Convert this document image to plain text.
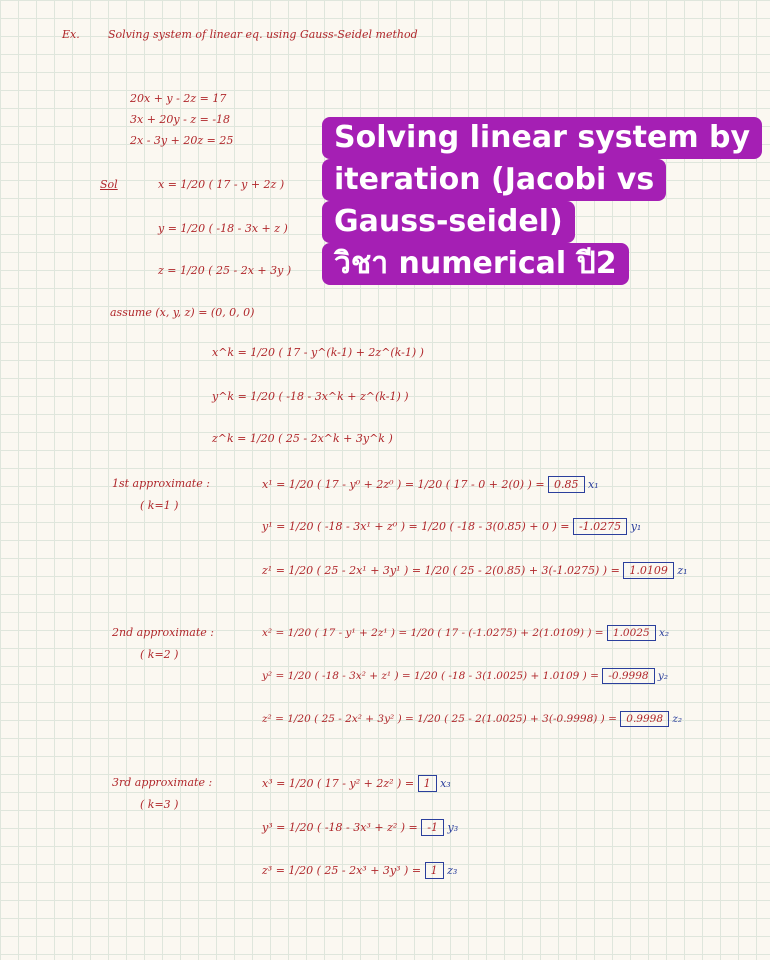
Ex.	Solving system of linear eq. using Gauss-Seidel method
20x + y - 2z = 17
3x + 20y - z = -18
2x - 3y + 20z = 25
Sol	x = 1/20 ( 17 - y + 2z )
y = 1/20 ( -18 - 3x + z )
z = 1/20 ( 25 - 2x + 3y )
assume (x, y, z) = (0, 0, 0)
x^k = 1/20 ( 17 - y^(k-1) + 2z^(k-1) )
y^k = 1/20 ( -18 - 3x^k + z^(k-1) )
z^k = 1/20 ( 25 - 2x^k + 3y^k )
1st approximate :
( k=1 )
x¹ = 1/20 ( 17 - y⁰ + 2z⁰ ) = 1/20 ( 17 - 0 + 2(0) ) = 0.85 x₁
y¹ = 1/20 ( -18 - 3x¹ + z⁰ ) = 1/20 ( -18 - 3(0.85) + 0 ) = -1.0275 y₁
z¹ = 1/20 ( 25 - 2x¹ + 3y¹ ) = 1/20 ( 25 - 2(0.85) + 3(-1.0275) ) = 1.0109 z₁
2nd approximate :
( k=2 )
x² = 1/20 ( 17 - y¹ + 2z¹ ) = 1/20 ( 17 - (-1.0275) + 2(1.0109) ) = 1.0025 x₂
y² = 1/20 ( -18 - 3x² + z¹ ) = 1/20 ( -18 - 3(1.0025) + 1.0109 ) = -0.9998 y₂
z² = 1/20 ( 25 - 2x² + 3y² ) = 1/20 ( 25 - 2(1.0025) + 3(-0.9998) ) = 0.9998 z₂
3rd approximate :
( k=3 )
x³ = 1/20 ( 17 - y² + 2z² ) = 1 x₃
y³ = 1/20 ( -18 - 3x³ + z² ) = -1 y₃
z³ = 1/20 ( 25 - 2x³ + 3y³ ) = 1 z₃
Solving linear system by
iteration (Jacobi vs
Gauss-seidel)
วิชา numerical ปี2
